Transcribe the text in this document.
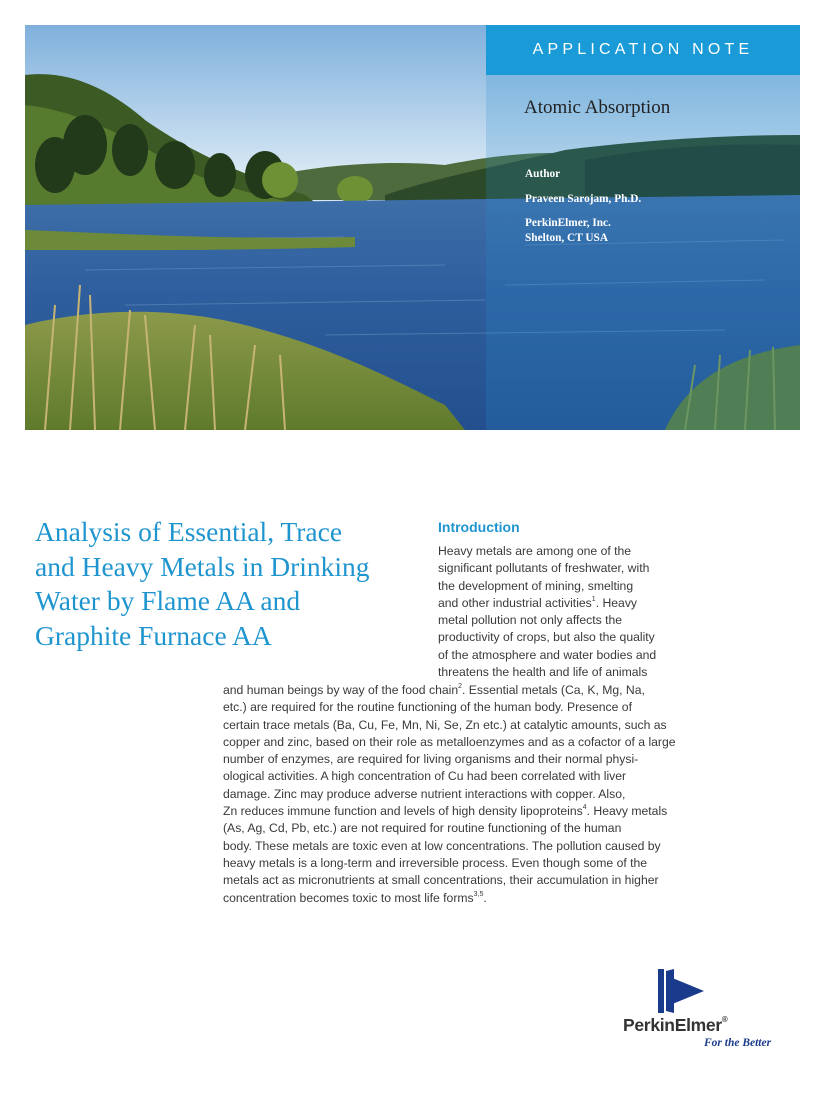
APPLICATION NOTE
Atomic Absorption
Author
Praveen Sarojam, Ph.D.
PerkinElmer, Inc.
Shelton, CT USA
Analysis of Essential, Trace
and Heavy Metals in Drinking
Water by Flame AA and
Graphite Furnace AA
Introduction
Heavy metals are among one of the
significant pollutants of freshwater, with
the development of mining, smelting
and other industrial activities$^1$. Heavy
metal pollution not only affects the
productivity of crops, but also the quality
of the atmosphere and water bodies and
threatens the health and life of animals
and human beings by way of the food chain$^2$. Essential metals (Ca, K, Mg, Na,
etc.) are required for the routine functioning of the human body. Presence of
certain trace metals (Ba, Cu, Fe, Mn, Ni, Se, Zn etc.) at catalytic amounts, such as
copper and zinc, based on their role as metalloenzymes and as a cofactor of a large
number of enzymes, are required for living organisms and their normal physi-
ological activities. A high concentration of Cu had been correlated with liver
damage. Zinc may produce adverse nutrient interactions with copper. Also,
Zn reduces immune function and levels of high density lipoproteins$^4$. Heavy metals
(As, Ag, Cd, Pb, etc.) are not required for routine functioning of the human
body. These metals are toxic even at low concentrations. The pollution caused by
heavy metals is a long-term and irreversible process. Even though some of the
metals act as micronutrients at small concentrations, their accumulation in higher
concentration becomes toxic to most life forms$^{3,5}$.
PerkinElmer®
For the Better
